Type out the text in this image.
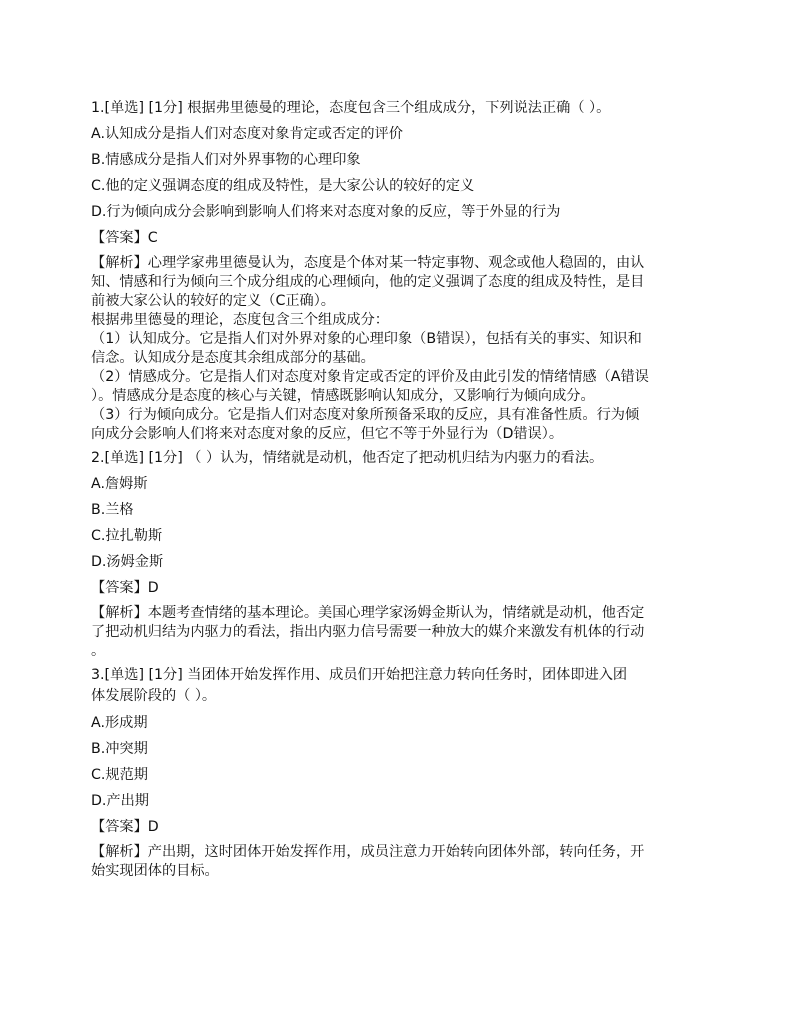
1.[单选] [1分] 根据弗里德曼的理论，态度包含三个组成成分，下列说法正确（ ）。
A.认知成分是指人们对态度对象肯定或否定的评价
B.情感成分是指人们对外界事物的心理印象
C.他的定义强调态度的组成及特性，是大家公认的较好的定义
D.行为倾向成分会影响到影响人们将来对态度对象的反应，等于外显的行为
【答案】C
【解析】心理学家弗里德曼认为，态度是个体对某一特定事物、观念或他人稳固的，由认
知、情感和行为倾向三个成分组成的心理倾向，他的定义强调了态度的组成及特性，是目
前被大家公认的较好的定义（C正确）。
根据弗里德曼的理论，态度包含三个组成成分：
（1）认知成分。它是指人们对外界对象的心理印象（B错误），包括有关的事实、知识和
信念。认知成分是态度其余组成部分的基础。
（2）情感成分。它是指人们对态度对象肯定或否定的评价及由此引发的情绪情感（A错误
）。情感成分是态度的核心与关键，情感既影响认知成分，又影响行为倾向成分。
（3）行为倾向成分。它是指人们对态度对象所预备采取的反应，具有准备性质。行为倾
向成分会影响人们将来对态度对象的反应，但它不等于外显行为（D错误）。
2.[单选] [1分] （ ）认为，情绪就是动机，他否定了把动机归结为内驱力的看法。
A.詹姆斯
B.兰格
C.拉扎勒斯
D.汤姆金斯
【答案】D
【解析】本题考查情绪的基本理论。美国心理学家汤姆金斯认为，情绪就是动机，他否定
了把动机归结为内驱力的看法，指出内驱力信号需要一种放大的媒介来激发有机体的行动
。
3.[单选] [1分] 当团体开始发挥作用、成员们开始把注意力转向任务时，团体即进入团
体发展阶段的（ ）。
A.形成期
B.冲突期
C.规范期
D.产出期
【答案】D
【解析】产出期，这时团体开始发挥作用，成员注意力开始转向团体外部，转向任务，开
始实现团体的目标。
